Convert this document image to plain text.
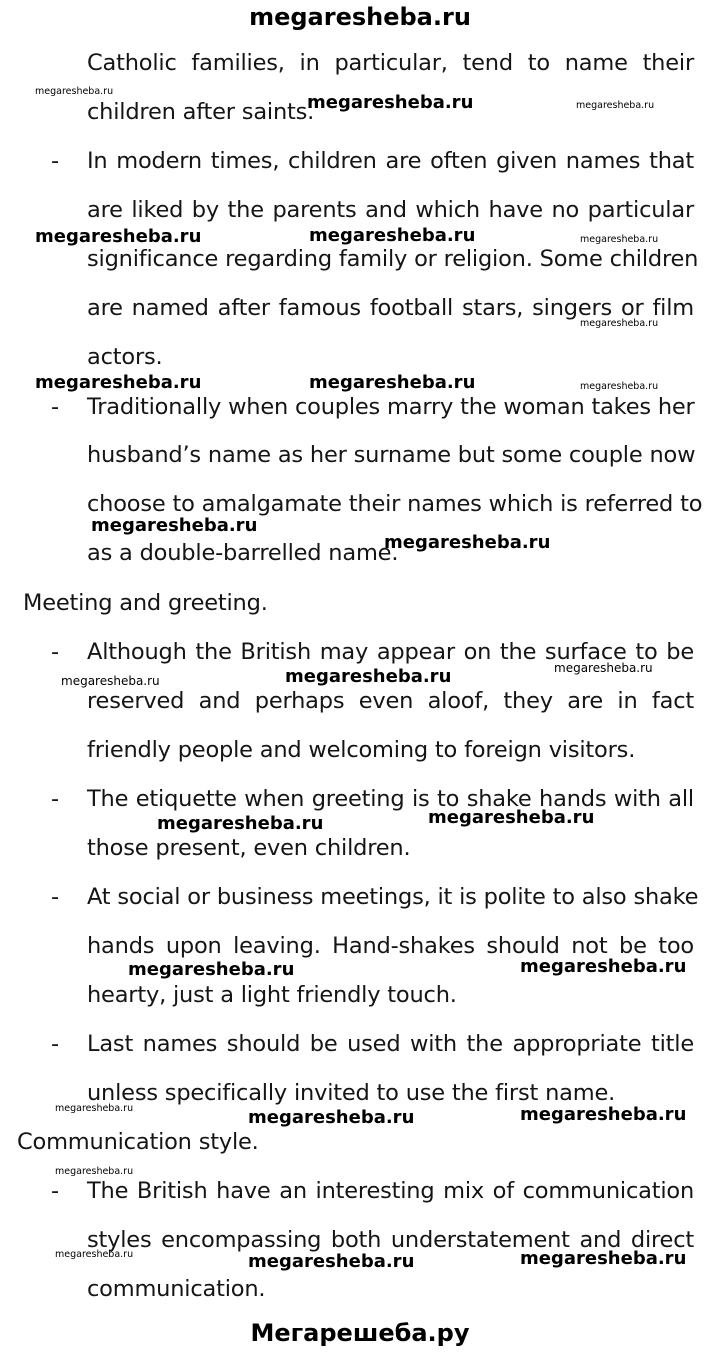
megaresheba.ru
Catholic families, in particular, tend to name their
children after saints.
- In modern times, children are often given names that
are liked by the parents and which have no particular
significance regarding family or religion. Some children
are named after famous football stars, singers or film
actors.
- Traditionally when couples marry the woman takes her
husband’s name as her surname but some couple now
choose to amalgamate their names which is referred to
as a double-barrelled name.
Meeting and greeting.
- Although the British may appear on the surface to be
reserved and perhaps even aloof, they are in fact
friendly people and welcoming to foreign visitors.
- The etiquette when greeting is to shake hands with all
those present, even children.
- At social or business meetings, it is polite to also shake
hands upon leaving. Hand-shakes should not be too
hearty, just a light friendly touch.
- Last names should be used with the appropriate title
unless specifically invited to use the first name.
Communication style.
- The British have an interesting mix of communication
styles encompassing both understatement and direct
communication.
megaresheba.ru
megaresheba.ru	megaresheba.ru
megaresheba.ru	megaresheba.ru	megaresheba.ru
megaresheba.ru
megaresheba.ru	megaresheba.ru	megaresheba.ru
megaresheba.ru
megaresheba.ru
megaresheba.ru	megaresheba.ru	megaresheba.ru
megaresheba.ru	megaresheba.ru
megaresheba.ru	megaresheba.ru
megaresheba.ru	megaresheba.ru	megaresheba.ru
megaresheba.ru
megaresheba.ru	megaresheba.ru	megaresheba.ru
Мегарешеба.ру
